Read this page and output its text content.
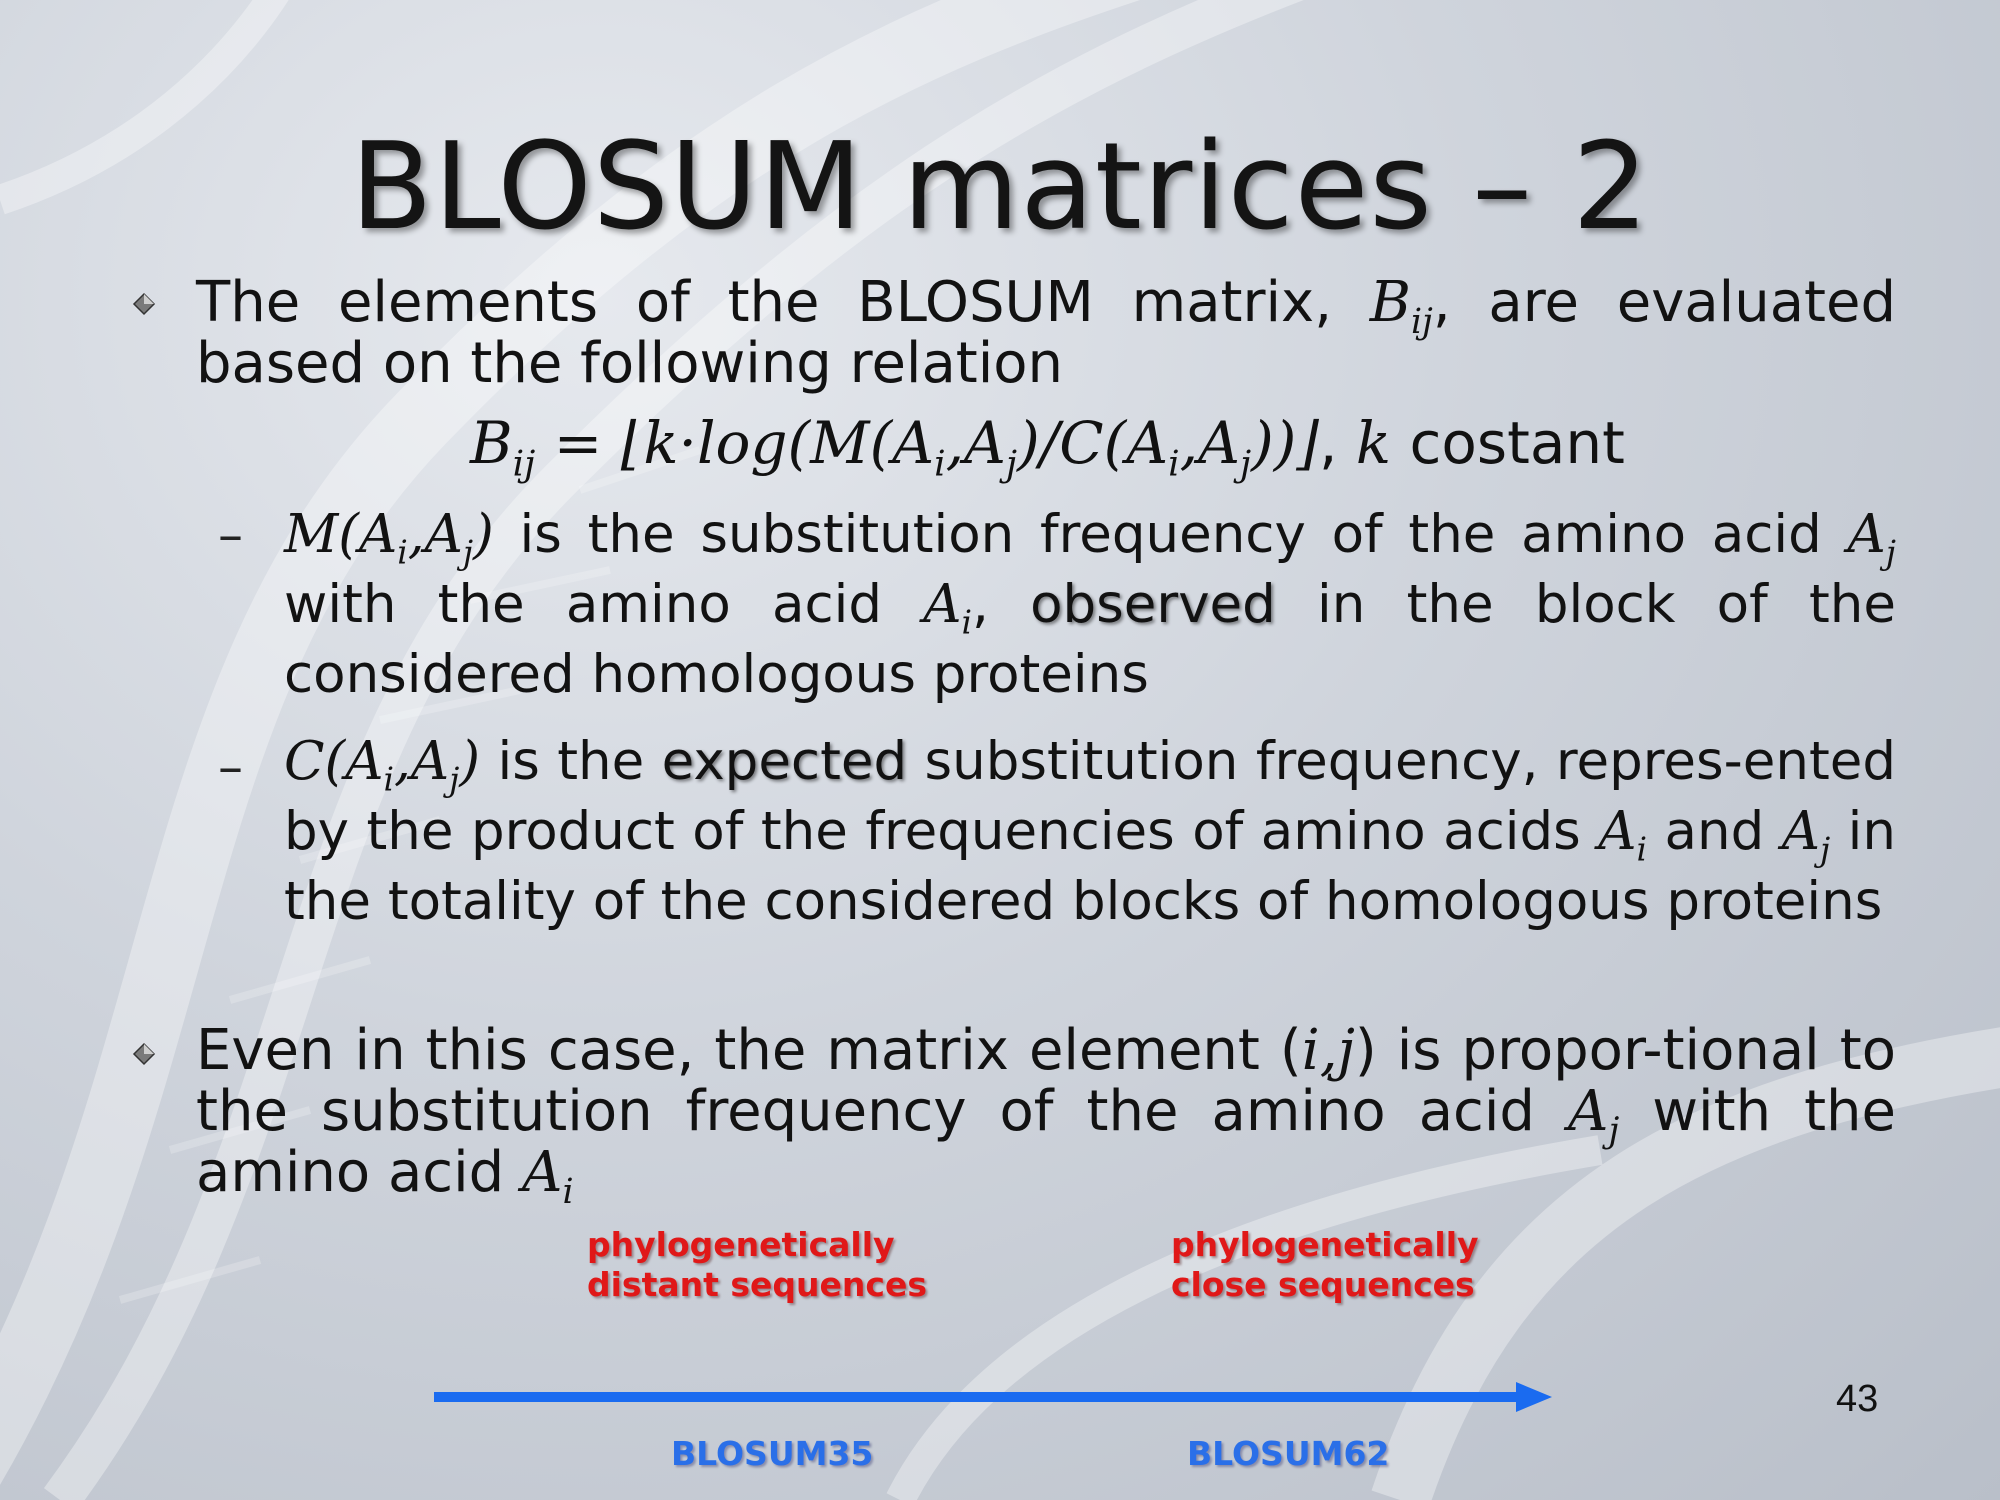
BLOSUM matrices – 2
The elements of the BLOSUM matrix, $B_{ij}$, are evaluated based on the following relation
$B_{ij}$ = $⌊k\cdot\log(M(A_i,A_j)/C(A_i,A_j))⌋$, k costant
– $M(A_i,A_j)$ is the substitution frequency of the amino acid $A_j$ with the amino acid $A_i$, observed in the block of the considered homologous proteins
– $C(A_i,A_j)$ is the expected substitution frequency, repres-ented by the product of the frequencies of amino acids $A_i$ and $A_j$ in the totality of the considered blocks of homologous proteins
Even in this case, the matrix element (i,j) is propor-tional to the substitution frequency of the amino acid $A_j$ with the amino acid $A_i$
phylogenetically
distant sequences
phylogenetically
close sequences
BLOSUM35	BLOSUM62
43
